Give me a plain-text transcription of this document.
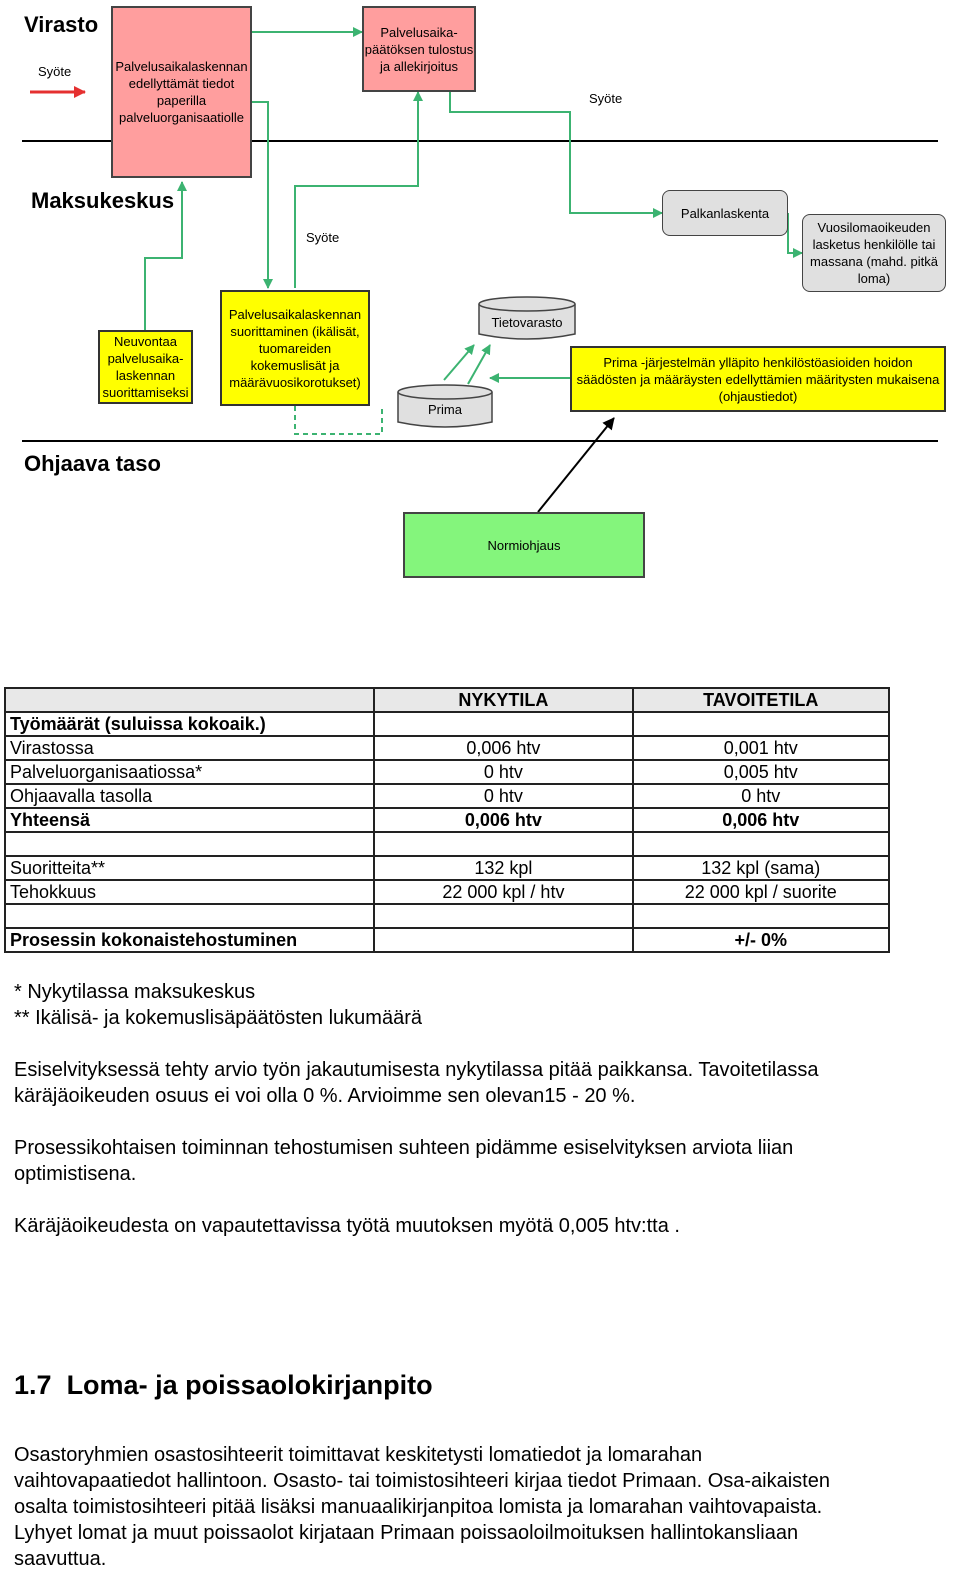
Virasto
Maksukeskus
Ohjaava taso
Syöte
Syöte
Syöte
Palvelusaikalaskennan edellyttämät tiedot paperilla palveluorganisaatiolle
Palvelusaika- päätöksen tulostus ja allekirjoitus
Palkanlaskenta
Vuosilomaoikeuden lasketus henkilölle tai massana (mahd. pitkä loma)
Neuvontaa palvelusaika- laskennan suorittamiseksi
Palvelusaikalaskennan suorittaminen (ikälisät, tuomareiden kokemuslisät ja määrävuosikorotukset)
Tietovarasto
Prima
Prima -järjestelmän ylläpito henkilöstöasioiden hoidon säädösten ja määräysten edellyttämien määritysten mukaisena (ohjaustiedot)
Normiohjaus
	NYKYTILA	TAVOITETILA
Työmäärät (suluissa kokoaik.)		
Virastossa	0,006 htv	0,001 htv
Palveluorganisaatiossa*	0 htv	0,005 htv
Ohjaavalla tasolla	0 htv	0 htv
Yhteensä	0,006 htv	0,006 htv

Suoritteita**	132 kpl	132 kpl (sama)
Tehokkuus	22 000 kpl / htv	22 000 kpl / suorite

Prosessin kokonaistehostuminen		+/- 0%
* Nykytilassa maksukeskus
** Ikälisä- ja kokemuslisäpäätösten lukumäärä
Esiselvityksessä tehty arvio työn jakautumisesta nykytilassa pitää paikkansa. Tavoitetilassa käräjäoikeuden osuus ei voi olla 0 %. Arvioimme sen olevan15 - 20 %.
Prosessikohtaisen toiminnan tehostumisen suhteen pidämme esiselvityksen arviota liian optimistisena.
Käräjäoikeudesta on vapautettavissa työtä muutoksen myötä 0,005 htv:tta .
1.7 Loma- ja poissaolokirjanpito
Osastoryhmien osastosihteerit toimittavat keskitetysti lomatiedot ja lomarahan vaihtovapaatiedot hallintoon. Osasto- tai toimistosihteeri kirjaa tiedot Primaan. Osa-aikaisten osalta toimistosihteeri pitää lisäksi manuaalikirjanpitoa lomista ja lomarahan vaihtovapaista. Lyhyet lomat ja muut poissaolot kirjataan Primaan poissaoloilmoituksen hallintokansliaan saavuttua.
